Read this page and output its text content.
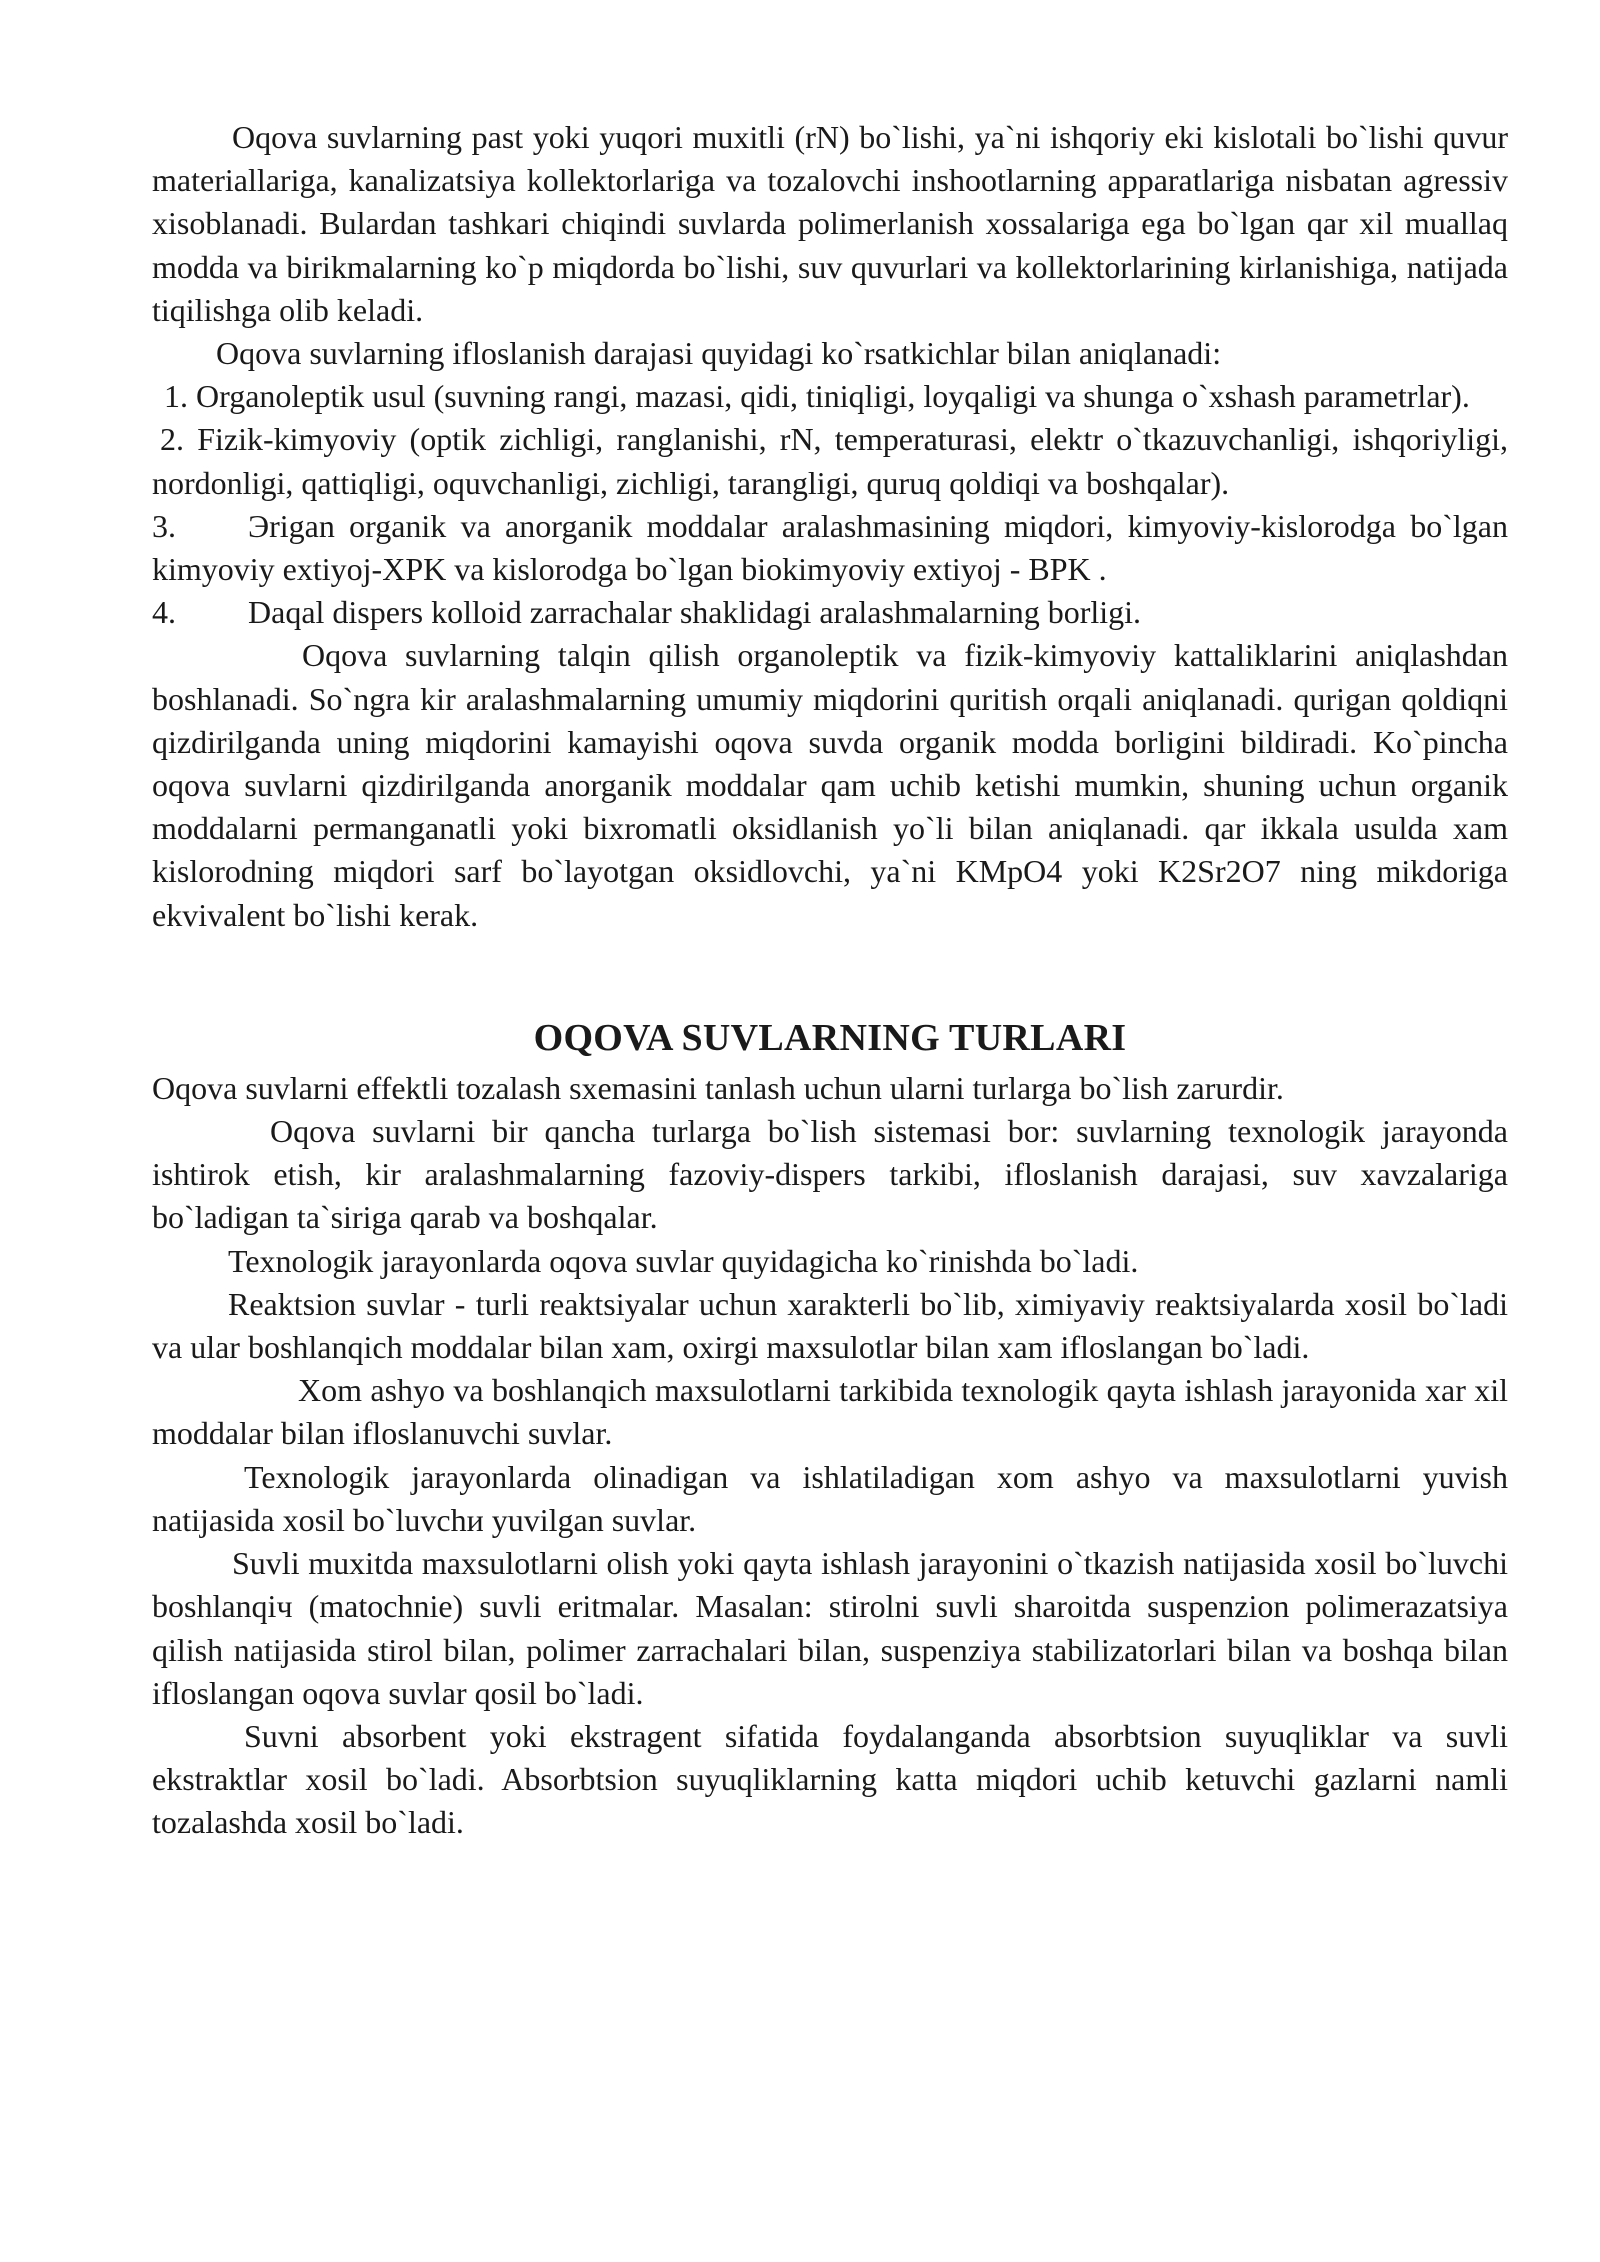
Oqova suvlarning past yoki yuqori muxitli (rN) bo`lishi, ya`ni ishqoriy eki kislotali bo`lishi quvur materiallariga, kanalizatsiya kollektorlariga va tozalovchi inshootlarning apparatlariga nisbatan agressiv xisoblanadi. Bulardan tashkari chiqindi suvlarda polimerlanish xossalariga ega bo`lgan qar xil muallaq modda va birikmalarning ko`p miqdorda bo`lishi, suv quvurlari va kollektorlarining kirlanishiga, natijada tiqilishga olib keladi.

Oqova suvlarning ifloslanish darajasi quyidagi ko`rsatkichlar bilan aniqlanadi:

1. Organoleptik usul (suvning rangi, mazasi, qidi, tiniqligi, loyqaligi va shunga o`xshash parametrlar).

2. Fizik-kimyoviy (optik zichligi, ranglanishi, rN, temperaturasi, elektr o`tkazuvchanligi, ishqoriyligi, nordonligi, qattiqligi, oquvchanligi, zichligi, tarangligi, quruq qoldiqi va boshqalar).

3. Эrigan organik va anorganik moddalar aralashmasining miqdori, kimyoviy-kislorodga bo`lgan kimyoviy extiyoj-XPK va kislorodga bo`lgan biokimyoviy extiyoj - BPK .

4. Daqal dispers kolloid zarrachalar shaklidagi aralashmalarning borligi.

Oqova suvlarning talqin qilish organoleptik va fizik-kimyoviy kattaliklarini aniqlashdan boshlanadi. So`ngra kir aralashmalarning umumiy miqdorini quritish orqali aniqlanadi. qurigan qoldiqni qizdirilganda uning miqdorini kamayishi oqova suvda organik modda borligini bildiradi. Ko`pincha oqova suvlarni qizdirilganda anorganik moddalar qam uchib ketishi mumkin, shuning uchun organik moddalarni permanganatli yoki bixromatli oksidlanish yo`li bilan aniqlanadi. qar ikkala usulda xam kislorodning miqdori sarf bo`layotgan oksidlovchi, ya`ni KMpO4 yoki K2Sr2O7 ning mikdoriga ekvivalent bo`lishi kerak.

OQOVA SUVLARNING TURLARI

Oqova suvlarni effektli tozalash sxemasini tanlash uchun ularni turlarga bo`lish zarurdir.

Oqova suvlarni bir qancha turlarga bo`lish sistemasi bor: suvlarning texnologik jarayonda ishtirok etish, kir aralashmalarning fazoviy-dispers tarkibi, ifloslanish darajasi, suv xavzalariga bo`ladigan ta`siriga qarab va boshqalar.

Texnologik jarayonlarda oqova suvlar quyidagicha ko`rinishda bo`ladi.

Reaktsion suvlar - turli reaktsiyalar uchun xarakterli bo`lib, ximiyaviy reaktsiyalarda xosil bo`ladi va ular boshlanqich moddalar bilan xam, oxirgi maxsulotlar bilan xam ifloslangan bo`ladi.

Xom ashyo va boshlanqich maxsulotlarni tarkibida texnologik qayta ishlash jarayonida xar xil moddalar bilan ifloslanuvchi suvlar.

Texnologik jarayonlarda olinadigan va ishlatiladigan xom ashyo va maxsulotlarni yuvish natijasida xosil bo`luvchи yuvilgan suvlar.

Suvli muxitda maxsulotlarni olish yoki qayta ishlash jarayonini o`tkazish natijasida xosil bo`luvchi boshlanqiч (matochnie) suvli eritmalar. Masalan: stirolni suvli sharoitda suspenzion polimerazatsiya qilish natijasida stirol bilan, polimer zarrachalari bilan, suspenziya stabilizatorlari bilan va boshqa bilan ifloslangan oqova suvlar qosil bo`ladi.

Suvni absorbent yoki ekstragent sifatida foydalanganda absorbtsion suyuqliklar va suvli ekstraktlar xosil bo`ladi. Absorbtsion suyuqliklarning katta miqdori uchib ketuvchi gazlarni namli tozalashda xosil bo`ladi.
